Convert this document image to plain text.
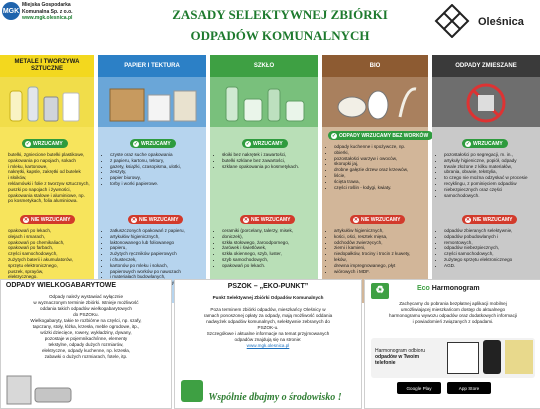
MGK
Miejska Gospodarka
Komunalna Sp. z o.o.
www.mgk.olesnica.pl	ZASADY SELEKTYWNEJ ZBIÓRKI
ODPADÓW KOMUNALNYCH
Oleśnica
METALE I TWORZYWA SZTUCZNE
✓ WRZUCAMY
• butelki, zgniecione butelki plastikowe,
• opakowania po napojach, sokach
• i mleku, kartonowe,
• nakrętki, kapsle, zakrętki od butelek
• i słoików,
• reklamówki i folie z tworzyw sztucznych,
• puszki po napojach i żywności,
• opakowania stalowe i aluminiowe, np.
• po kosmetykach, folia aluminiowa.
✕ NIE WRZUCAMY
• opakowań po lekach,
• olejach i smarach,
• opakowań po chemikaliach,
• opakowań po farbach,
• części samochodowych,
• zużytych baterii i akumulatorów,
• sprzętu elektronicznego,
• puszek, sprayów,
• elektrycznego.
PAPIER I TEKTURA
✓ WRZUCAMY
• czyste oraz suche opakowania
• z papieru, kartonu, tektury,
• gazety, książki, czasopisma, ulotki,
• zeszyty,
• papier biurowy,
• torby i worki papierowe.
✕ NIE WRZUCAMY
• zatłuszczonych opakowań z papieru,
• artykułów higienicznych,
• laktonowanego lub foliowanego
• papieru,
• zużytych ręczników papierowych
• i chusteczek,
• kartonów po mleku i sokach,
• papierowych worków po nawozach
• i materiałach budowlanych,
•
SZKŁO
✓ WRZUCAMY
• słoiki bez nakrętek i zawartości,
• butelki szklane bez zawartości,
• szklane opakowania po kosmetykach.
✕ NIE WRZUCAMY
• ceramiki (porcelany, talerzy, misek,
• doniczek),
• szkła stołowego, żaroodpornego,
• żarówek i świetlówek,
• szkła okiennego, szyb, luster,
• szyb samochodowych,
• opakowań po lekach.
BIO
✓ ODPADY WRZUCAMY BEZ WORKÓW
• odpady kuchenne i spożywcze, np.
• obierki,
• pozostałości warzyw i owoców,
• skorupki jaj,
• drobne gałęzie drzew oraz krzewów,
• liście,
• ścięta trawa,
• części roślin - łodygi, kwiaty.
✕ NIE WRZUCAMY
• artykułów higienicznych,
• kości, ości, resztek mięsa,
• odchodów zwierzęcych,
• ziemi i kamieni,
• niedopałków, trociny i trocin z kuwety,
• leków,
• drewna impregnowanego, płyt
• wiórowych i MDF.
ODPADY ZMIESZANE
✓ WRZUCAMY
• pozostałości po segregacji, m. in.,
• artykuły higieniczne, popiół, odpady
• trwale złożone z kilku materiałów,
• ubrania, obuwie, tekstylia,
• to czego nie można odzyskać w procesie
• recyklingu, z pominięciem odpadów
• niebezpiecznych oraz części
• samochodowych.
✕ NIE WRZUCAMY
• odpadów zbieranych selektywnie,
• odpadów pobudowlanych i
• remontowych,
• odpadów niebezpiecznych,
• części samochodowych,
• zużytego sprzętu elektronicznego
• AGD.
ODPADY WIELKOGABARYTOWE
Odpady należy wystawiać wyłącznie
w wyznaczonym terminie zbiórki. Istnieje możliwość
oddania takich odpadów wielkogabarytowych
do PSZOKu.
Wielkogabaryty, takie te rozbiórne na części, np. szafy,
tapczany, stoły, łóżka, krzesła, meble ogrodowe, itp.,
wózki dziecięce, rowery, wykładziny, dywany,
pozostaje w pojemnikach/inne, elementy
tekstylne, odpady dużych rozmiarów,
elektryczne, odpady kuchenne, np. krzesła,
zabawki o dużych rozmiarach, fotele, itp.
PSZOK – „EKO-PUNKT”
Punkt Selektywnej Zbiórki Odpadów Komunalnych
Poza terminem zbiórki odpadów, mieszkańcy Oleśnicy w
ramach ponoszonej opłaty za odpady, mają możliwość oddania
nadwyżek odpadów komunalnych, selektywnie zebranych do
PSZOK-u.
Szczegółowe i aktualne informacje na temat przyjmowanych
odpadów znajdują się na stronie:
www.mgk.olesnica.pl
♻	Eco Harmonogram
Zachęcamy do pobrania bezpłatnej aplikacji mobilnej
umożliwiającej mieszkańcom dostęp do aktualnego
harmonogramu wywozu odpadów oraz dodatkowych informacji
i powiadomień związanych z odpadami.
Harmonogram odbioru
odpadów w Twoim telefonie
Google Play	App Store
Wspólnie dbajmy o środowisko !
